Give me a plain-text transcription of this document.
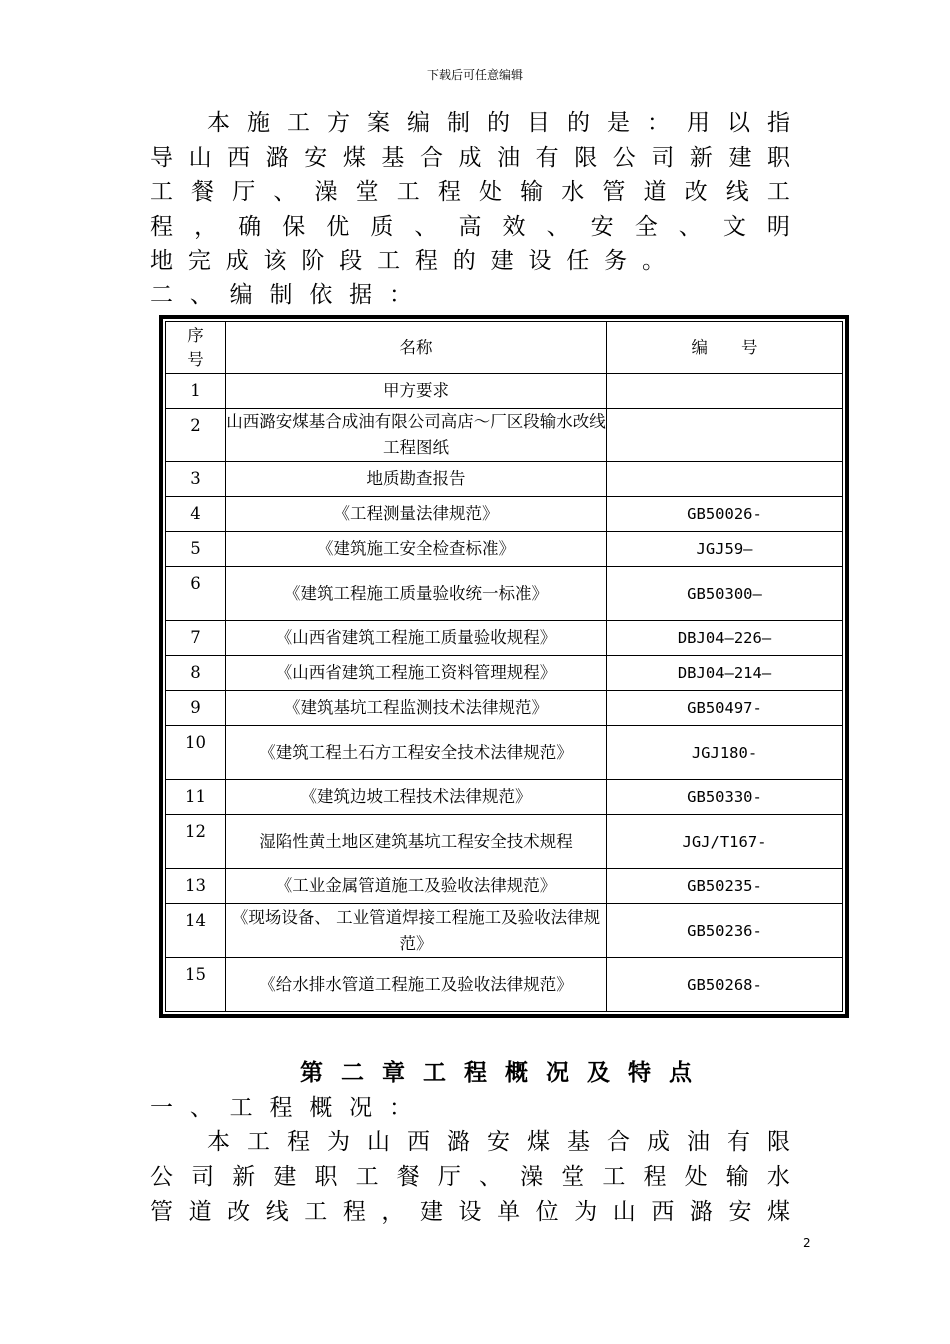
下载后可任意编辑
本 施 工 方 案 编 制 的 目 的 是 ： 用 以 指
导 山 西 潞 安 煤 基 合 成 油 有 限 公 司 新 建 职
工 餐 厅 、 澡 堂 工 程 处 输 水 管 道 改 线 工
程 ， 确 保 优 质 、 高 效 、 安 全 、 文 明
地 完 成 该 阶 段 工 程 的 建 设 任 务 。
二 、 编 制 依 据 ：
序号	名称	编　　号
1	甲方要求	
2	山西潞安煤基合成油有限公司高店～厂区段输水改线工程图纸	
3	地质勘查报告	
4	《工程测量法律规范》	GB50026-
5	《建筑施工安全检查标准》	JGJ59—
6	《建筑工程施工质量验收统一标准》	GB50300—
7	《山西省建筑工程施工质量验收规程》	DBJ04—226—
8	《山西省建筑工程施工资料管理规程》	DBJ04—214—
9	《建筑基坑工程监测技术法律规范》	GB50497-
10	《建筑工程土石方工程安全技术法律规范》	JGJ180-
11	《建筑边坡工程技术法律规范》	GB50330-
12	湿陷性黄土地区建筑基坑工程安全技术规程	JGJ/T167-
13	《工业金属管道施工及验收法律规范》	GB50235-
14	《现场设备、 工业管道焊接工程施工及验收法律规范》	GB50236-
15	《给水排水管道工程施工及验收法律规范》	GB50268-
第 二 章 工 程 概 况 及 特 点
一 、 工 程 概 况 ：
本 工 程 为 山 西 潞 安 煤 基 合 成 油 有 限
公 司 新 建 职 工 餐 厅 、 澡 堂 工 程 处 输 水
管 道 改 线 工 程 ， 建 设 单 位 为 山 西 潞 安 煤
2
